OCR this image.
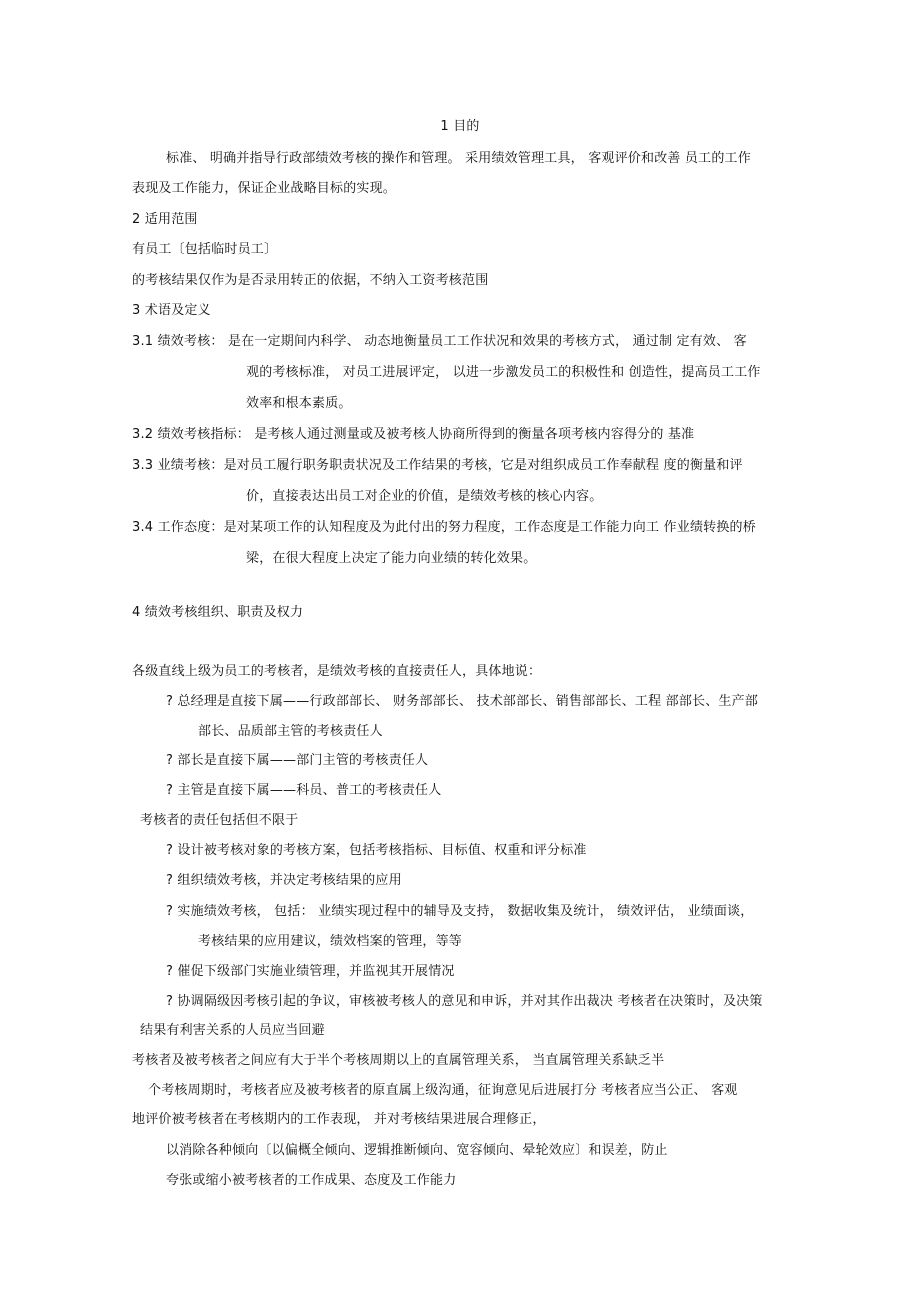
1 目的
标准、 明确并指导行政部绩效考核的操作和管理。 采用绩效管理工具， 客观评价和改善 员工的工作
表现及工作能力，保证企业战略目标的实现。
2 适用范围
有员工〔包括临时员工〕
的考核结果仅作为是否录用转正的依据，不纳入工资考核范围
3 术语及定义
3.1 绩效考核： 是在一定期间内科学、 动态地衡量员工工作状况和效果的考核方式， 通过制 定有效、 客
观的考核标准， 对员工进展评定， 以进一步激发员工的积极性和 创造性，提高员工工作
效率和根本素质。
3.2 绩效考核指标： 是考核人通过测量或及被考核人协商所得到的衡量各项考核内容得分的 基准
3.3 业绩考核：是对员工履行职务职责状况及工作结果的考核，它是对组织成员工作奉献程 度的衡量和评
价，直接表达出员工对企业的价值，是绩效考核的核心内容。
3.4 工作态度：是对某项工作的认知程度及为此付出的努力程度，工作态度是工作能力向工 作业绩转换的桥
梁，在很大程度上决定了能力向业绩的转化效果。
4 绩效考核组织、职责及权力
各级直线上级为员工的考核者，是绩效考核的直接责任人，具体地说：
? 总经理是直接下属——行政部部长、 财务部部长、 技术部部长、销售部部长、工程 部部长、生产部
部长、品质部主管的考核责任人
? 部长是直接下属——部门主管的考核责任人
? 主管是直接下属——科员、普工的考核责任人
考核者的责任包括但不限于
? 设计被考核对象的考核方案，包括考核指标、目标值、权重和评分标准
? 组织绩效考核，并决定考核结果的应用
? 实施绩效考核， 包括： 业绩实现过程中的辅导及支持， 数据收集及统计， 绩效评估， 业绩面谈，
考核结果的应用建议，绩效档案的管理，等等
? 催促下级部门实施业绩管理，并监视其开展情况
? 协调隔级因考核引起的争议，审核被考核人的意见和申诉，并对其作出裁决 考核者在决策时，及决策
结果有利害关系的人员应当回避
考核者及被考核者之间应有大于半个考核周期以上的直属管理关系， 当直属管理关系缺乏半
个考核周期时，考核者应及被考核者的原直属上级沟通，征询意见后进展打分 考核者应当公正、 客观
地评价被考核者在考核期内的工作表现， 并对考核结果进展合理修正，
以消除各种倾向〔以偏概全倾向、逻辑推断倾向、宽容倾向、晕轮效应〕和误差，防止
夸张或缩小被考核者的工作成果、态度及工作能力
